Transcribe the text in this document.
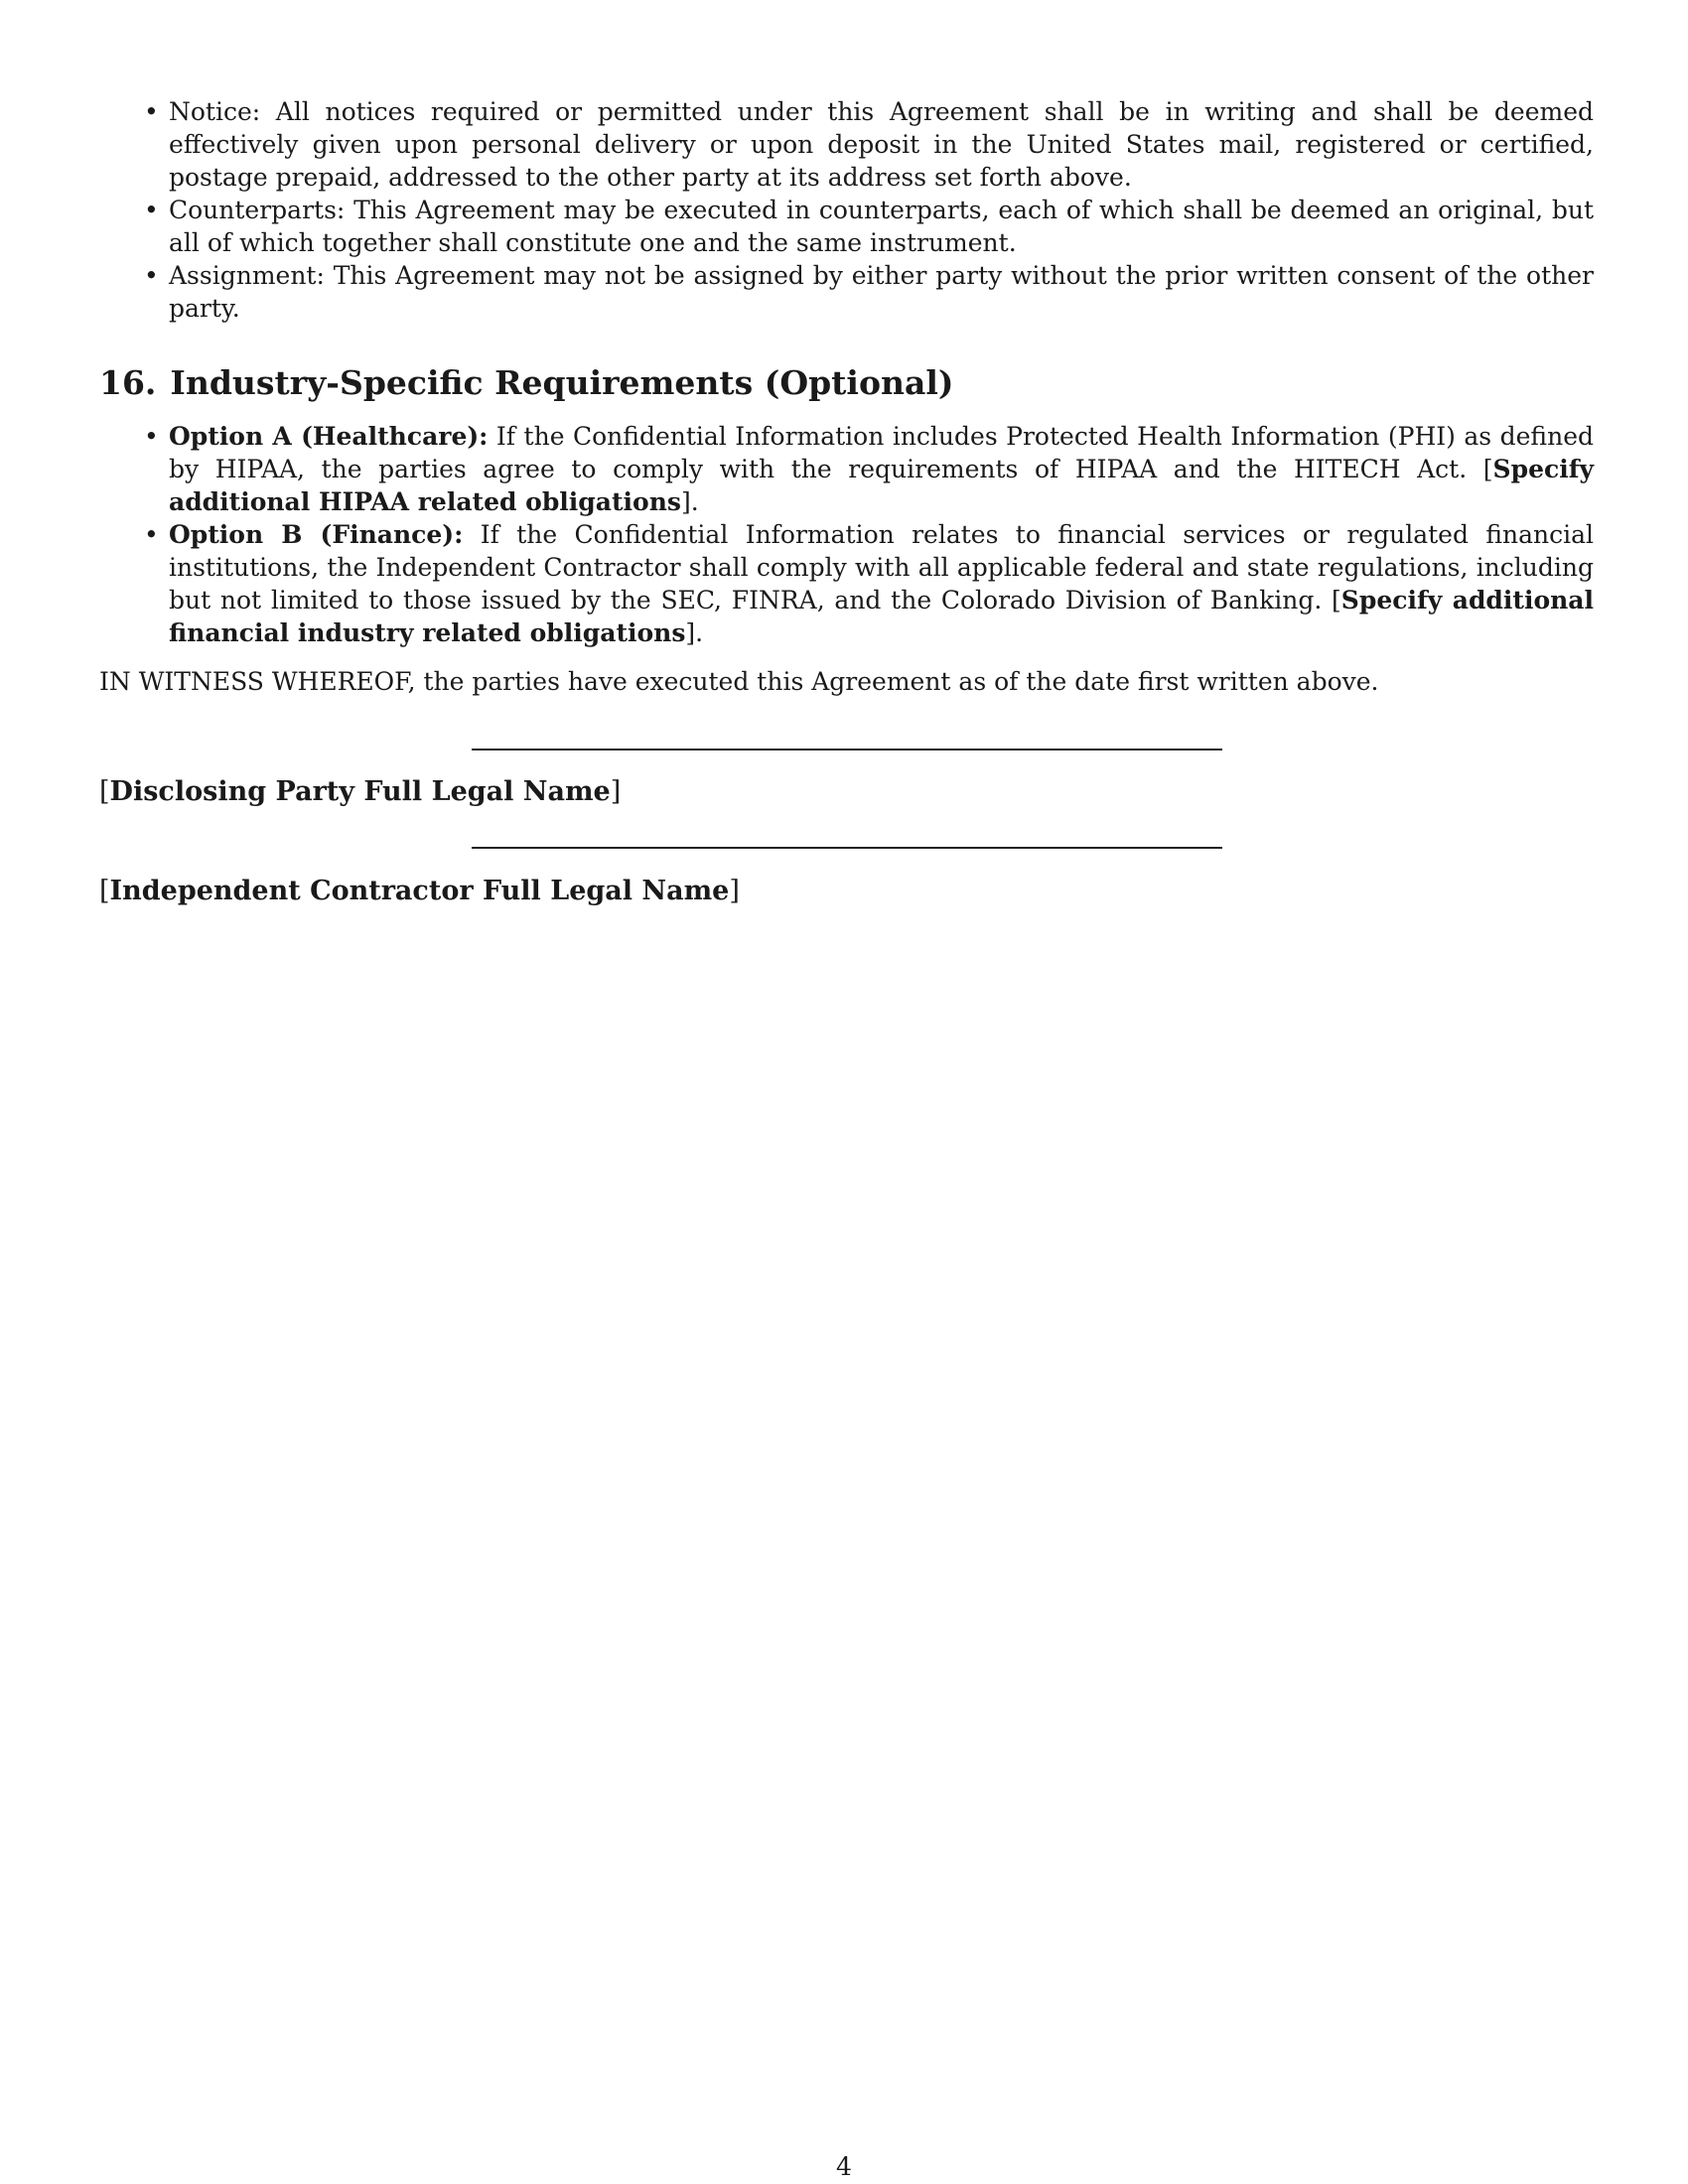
• Notice: All notices required or permitted under this Agreement shall be in writing and shall be deemed effectively given upon personal delivery or upon deposit in the United States mail, registered or certified, postage prepaid, addressed to the other party at its address set forth above.
• Counterparts: This Agreement may be executed in counterparts, each of which shall be deemed an original, but all of which together shall constitute one and the same instrument.
• Assignment: This Agreement may not be assigned by either party without the prior written consent of the other party.
16. Industry-Specific Requirements (Optional)
• Option A (Healthcare): If the Confidential Information includes Protected Health Information (PHI) as defined by HIPAA, the parties agree to comply with the requirements of HIPAA and the HITECH Act. [Specify additional HIPAA related obligations].
• Option B (Finance): If the Confidential Information relates to financial services or regulated financial institutions, the Independent Contractor shall comply with all applicable federal and state regulations, including but not limited to those issued by the SEC, FINRA, and the Colorado Division of Banking. [Specify additional financial industry related obligations].
IN WITNESS WHEREOF, the parties have executed this Agreement as of the date first written above.
[Disclosing Party Full Legal Name]
[Independent Contractor Full Legal Name]
4
